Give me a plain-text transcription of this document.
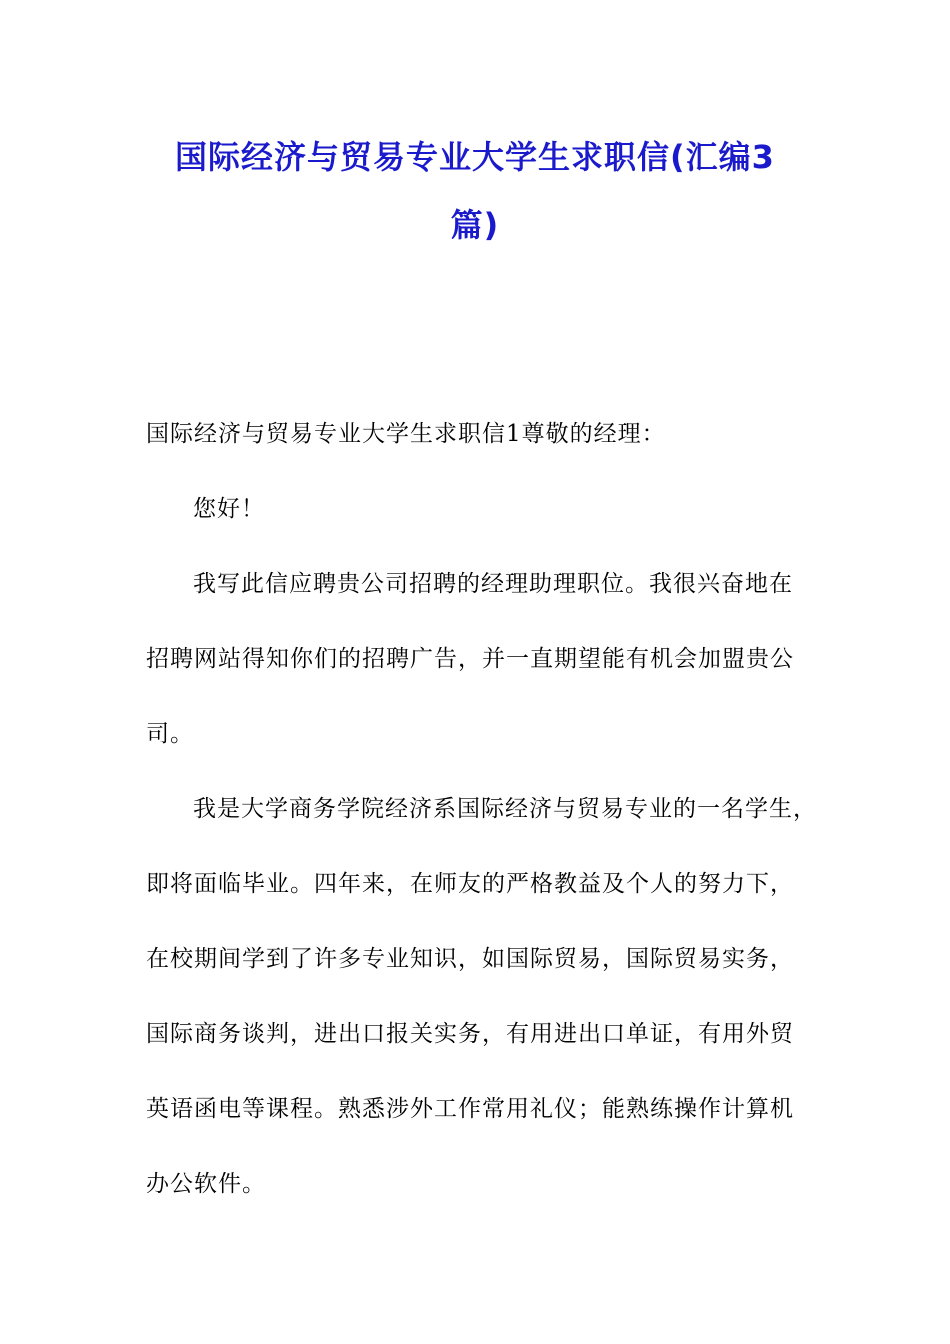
国际经济与贸易专业大学生求职信(汇编3
篇)
国际经济与贸易专业大学生求职信1尊敬的经理：
您好！
我写此信应聘贵公司招聘的经理助理职位。我很兴奋地在
招聘网站得知你们的招聘广告，并一直期望能有机会加盟贵公
司。
我是大学商务学院经济系国际经济与贸易专业的一名学生，
即将面临毕业。四年来，在师友的严格教益及个人的努力下，
在校期间学到了许多专业知识，如国际贸易，国际贸易实务，
国际商务谈判，进出口报关实务，有用进出口单证，有用外贸
英语函电等课程。熟悉涉外工作常用礼仪；能熟练操作计算机
办公软件。
